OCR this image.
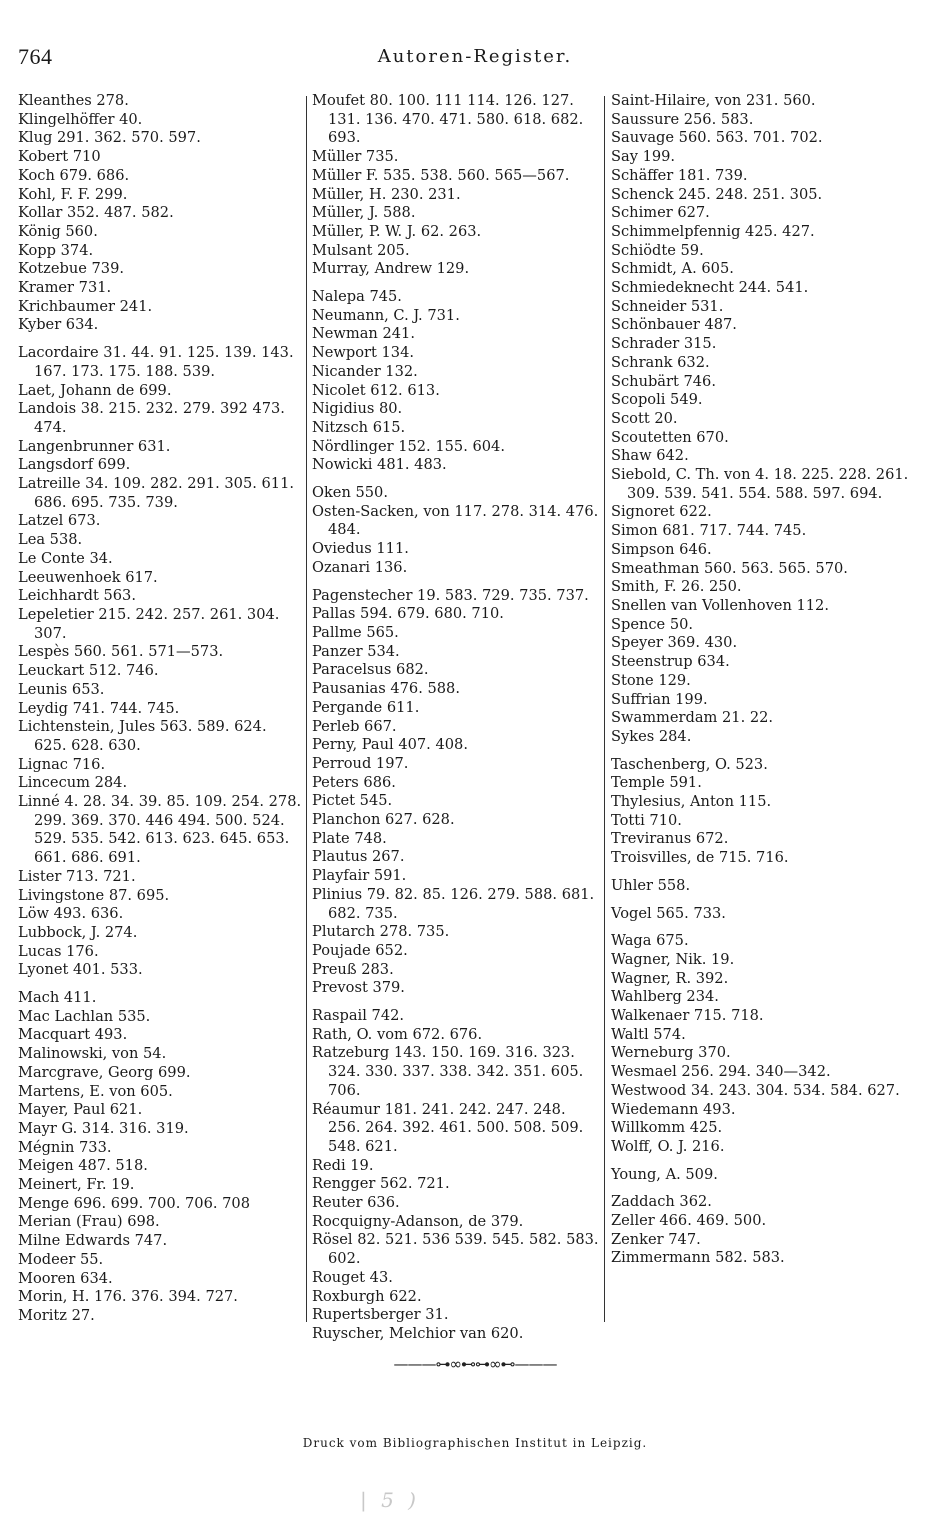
764	Autoren-Register.
Kleanthes 278.
Klingelhöffer 40.
Klug 291. 362. 570. 597.
Kobert 710
Koch 679. 686.
Kohl, F. F. 299.
Kollar 352. 487. 582.
König 560.
Kopp 374.
Kotzebue 739.
Kramer 731.
Krichbaumer 241.
Kyber 634.
Lacordaire 31. 44. 91. 125. 139. 143. 167. 173. 175. 188. 539.
Laet, Johann de 699.
Landois 38. 215. 232. 279. 392 473. 474.
Langenbrunner 631.
Langsdorf 699.
Latreille 34. 109. 282. 291. 305. 611. 686. 695. 735. 739.
Latzel 673.
Lea 538.
Le Conte 34.
Leeuwenhoek 617.
Leichhardt 563.
Lepeletier 215. 242. 257. 261. 304. 307.
Lespès 560. 561. 571—573.
Leuckart 512. 746.
Leunis 653.
Leydig 741. 744. 745.
Lichtenstein, Jules 563. 589. 624. 625. 628. 630.
Lignac 716.
Lincecum 284.
Linné 4. 28. 34. 39. 85. 109. 254. 278. 299. 369. 370. 446 494. 500. 524. 529. 535. 542. 613. 623. 645. 653. 661. 686. 691.
Lister 713. 721.
Livingstone 87. 695.
Löw 493. 636.
Lubbock, J. 274.
Lucas 176.
Lyonet 401. 533.
Mach 411.
Mac Lachlan 535.
Macquart 493.
Malinowski, von 54.
Marcgrave, Georg 699.
Martens, E. von 605.
Mayer, Paul 621.
Mayr G. 314. 316. 319.
Mégnin 733.
Meigen 487. 518.
Meinert, Fr. 19.
Menge 696. 699. 700. 706. 708
Merian (Frau) 698.
Milne Edwards 747.
Modeer 55.
Mooren 634.
Morin, H. 176. 376. 394. 727.
Moritz 27.
Moufet 80. 100. 111 114. 126. 127. 131. 136. 470. 471. 580. 618. 682. 693.
Müller 735.
Müller F. 535. 538. 560. 565—567.
Müller, H. 230. 231.
Müller, J. 588.
Müller, P. W. J. 62. 263.
Mulsant 205.
Murray, Andrew 129.
Nalepa 745.
Neumann, C. J. 731.
Newman 241.
Newport 134.
Nicander 132.
Nicolet 612. 613.
Nigidius 80.
Nitzsch 615.
Nördlinger 152. 155. 604.
Nowicki 481. 483.
Oken 550.
Osten-Sacken, von 117. 278. 314. 476. 484.
Oviedus 111.
Ozanari 136.
Pagenstecher 19. 583. 729. 735. 737.
Pallas 594. 679. 680. 710.
Pallme 565.
Panzer 534.
Paracelsus 682.
Pausanias 476. 588.
Pergande 611.
Perleb 667.
Perny, Paul 407. 408.
Perroud 197.
Peters 686.
Pictet 545.
Planchon 627. 628.
Plate 748.
Plautus 267.
Playfair 591.
Plinius 79. 82. 85. 126. 279. 588. 681. 682. 735.
Plutarch 278. 735.
Poujade 652.
Preuß 283.
Prevost 379.
Raspail 742.
Rath, O. vom 672. 676.
Ratzeburg 143. 150. 169. 316. 323. 324. 330. 337. 338. 342. 351. 605. 706.
Réaumur 181. 241. 242. 247. 248. 256. 264. 392. 461. 500. 508. 509. 548. 621.
Redi 19.
Rengger 562. 721.
Reuter 636.
Rocquigny-Adanson, de 379.
Rösel 82. 521. 536 539. 545. 582. 583. 602.
Rouget 43.
Roxburgh 622.
Rupertsberger 31.
Ruyscher, Melchior van 620.
Saint-Hilaire, von 231. 560.
Saussure 256. 583.
Sauvage 560. 563. 701. 702.
Say 199.
Schäffer 181. 739.
Schenck 245. 248. 251. 305.
Schimer 627.
Schimmelpfennig 425. 427.
Schiödte 59.
Schmidt, A. 605.
Schmiedeknecht 244. 541.
Schneider 531.
Schönbauer 487.
Schrader 315.
Schrank 632.
Schubärt 746.
Scopoli 549.
Scott 20.
Scoutetten 670.
Shaw 642.
Siebold, C. Th. von 4. 18. 225. 228. 261. 309. 539. 541. 554. 588. 597. 694.
Signoret 622.
Simon 681. 717. 744. 745.
Simpson 646.
Smeathman 560. 563. 565. 570.
Smith, F. 26. 250.
Snellen van Vollenhoven 112.
Spence 50.
Speyer 369. 430.
Steenstrup 634.
Stone 129.
Suffrian 199.
Swammerdam 21. 22.
Sykes 284.
Taschenberg, O. 523.
Temple 591.
Thylesius, Anton 115.
Totti 710.
Treviranus 672.
Troisvilles, de 715. 716.
Uhler 558.
Vogel 565. 733.
Waga 675.
Wagner, Nik. 19.
Wagner, R. 392.
Wahlberg 234.
Walkenaer 715. 718.
Waltl 574.
Werneburg 370.
Wesmael 256. 294. 340—342.
Westwood 34. 243. 304. 534. 584. 627.
Wiedemann 493.
Willkomm 425.
Wolff, O. J. 216.
Young, A. 509.
Zaddach 362.
Zeller 466. 469. 500.
Zenker 747.
Zimmermann 582. 583.
———⊶∞⊷⊶∞⊷———
Druck vom Bibliographischen Institut in Leipzig.
| 5 )
